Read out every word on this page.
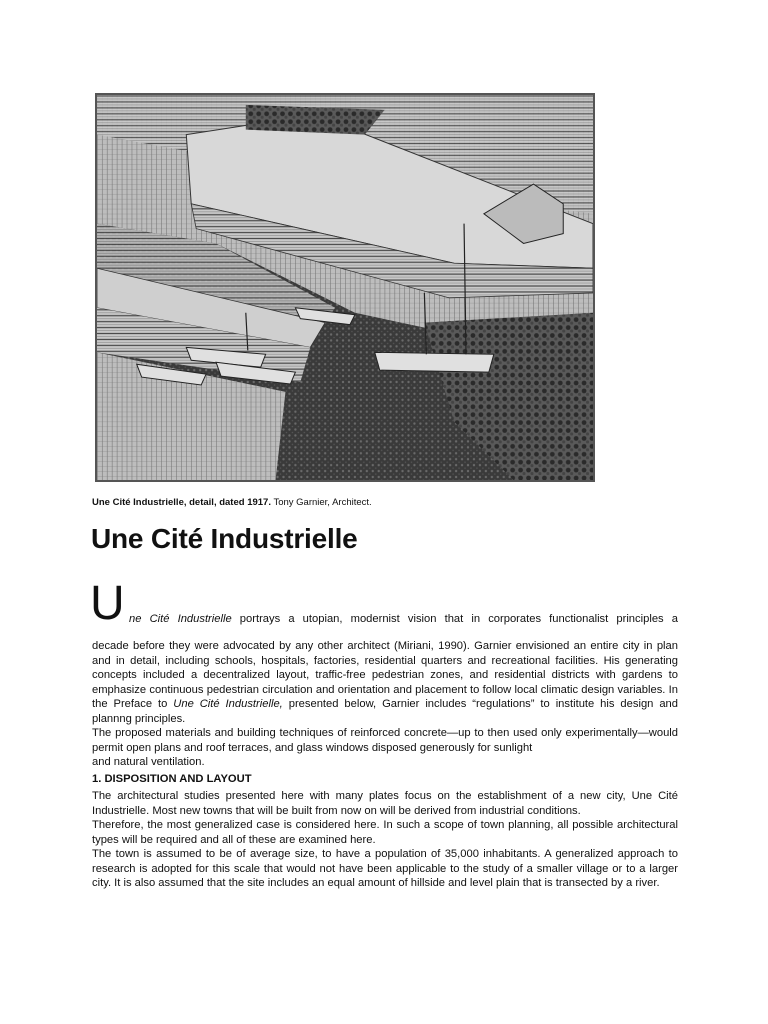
Une Cité Industrielle, detail, dated 1917. Tony Garnier, Architect.
Une Cité Industrielle
U ne Cité Industrielle portrays a utopian, modernist vision that in corporates functionalist principles a

decade before they were advocated by any other architect (Miriani, 1990). Garnier envisioned an entire city in plan and in detail, including schools, hospitals, factories, residential quarters and recreational facilities. His generating concepts included a decentralized layout, traffic-free pedestrian zones, and residential districts with gardens to emphasize continuous pedestrian circulation and orientation and placement to follow local climatic design variables. In the Preface to Une Cité Industrielle, presented below, Garnier includes “regulations” to institute his design and plannng principles.

The proposed materials and building techniques of reinforced concrete—up to then used only experimentally—would permit open plans and roof terraces, and glass windows disposed generously for sunlight

and natural ventilation.

1. DISPOSITION AND LAYOUT

The architectural studies presented here with many plates focus on the establishment of a new city, Une Cité Industrielle. Most new towns that will be built from now on will be derived from industrial conditions.

Therefore, the most generalized case is considered here. In such a scope of town planning, all possible architectural types will be required and all of these are examined here.

The town is assumed to be of average size, to have a population of 35,000 inhabitants. A generalized approach to research is adopted for this scale that would not have been applicable to the study of a smaller village or to a larger city. It is also assumed that the site includes an equal amount of hillside and level plain that is transected by a river.
